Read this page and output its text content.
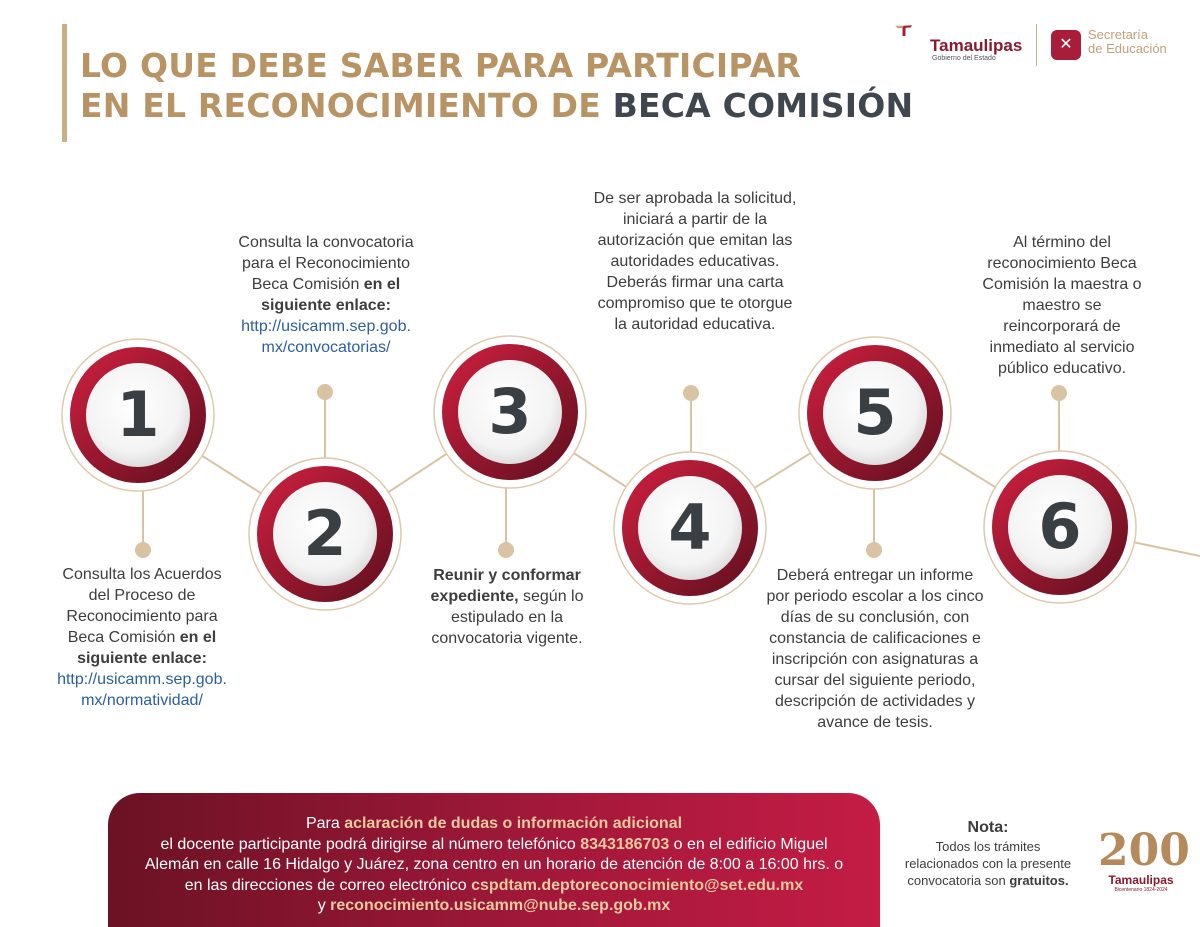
LO QUE DEBE SABER PARA PARTICIPAR
EN EL RECONOCIMIENTO DE BECA COMISIÓN
Tamaulipas
Gobierno del Estado
✕
Secretaría
de Educación
1
2
3
4
5
6
Consulta los Acuerdos del Proceso de Reconocimiento para Beca Comisión en el siguiente enlace:
http://usicamm.sep.gob.mx/normatividad/
Consulta la convocatoria para el Reconocimiento Beca Comisión en el siguiente enlace:
http://usicamm.sep.gob.mx/convocatorias/
Reunir y conformar expediente, según lo estipulado en la convocatoria vigente.
De ser aprobada la solicitud, iniciará a partir de la autorización que emitan las autoridades educativas. Deberás firmar una carta compromiso que te otorgue la autoridad educativa.
Deberá entregar un informe por periodo escolar a los cinco días de su conclusión, con constancia de calificaciones e inscripción con asignaturas a cursar del siguiente periodo, descripción de actividades y avance de tesis.
Al término del reconocimiento Beca Comisión la maestra o maestro se reincorporará de inmediato al servicio público educativo.
Para aclaración de dudas o información adicional
el docente participante podrá dirigirse al número telefónico 8343186703 o en el edificio Miguel
Alemán en calle 16 Hidalgo y Juárez, zona centro en un horario de atención de 8:00 a 16:00 hrs. o
en las direcciones de correo electrónico cspdtam.deptoreconocimiento@set.edu.mx
y reconocimiento.usicamm@nube.sep.gob.mx
Nota:
Todos los trámites relacionados con la presente convocatoria son gratuitos.
200
Tamaulipas
Bicentenario 1824-2024
